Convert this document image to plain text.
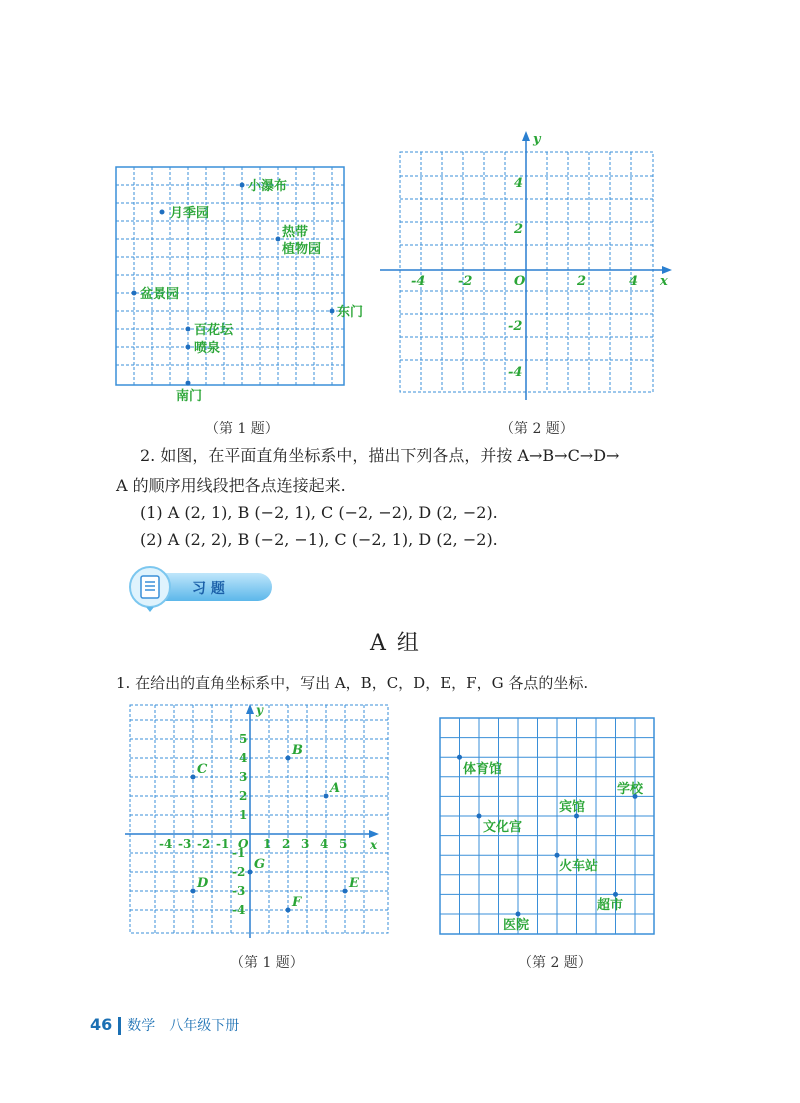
小瀑布
月季园
热带
植物园
盆景园
东门
百花坛
喷泉
南门
（第 1 题）
x
y
-4	-2	O	2	4
4
2
-2
-4
（第 2 题）
2. 如图，在平面直角坐标系中，描出下列各点，并按 A→B→C→D→
A 的顺序用线段把各点连接起来.
(1) A (2, 1), B (−2, 1), C (−2, −2), D (2, −2).
(2) A (2, 2), B (−2, −1), C (−2, 1), D (2, −2).
习 题
A 组
1. 在给出的直角坐标系中，写出 A，B，C，D，E，F，G 各点的坐标.
x
y
-4 -3 -2 -1 O 1 2 3 4 5
5
4
3
2
1
-1
-2
-3
-4
A
B
C
D	E
F
G
（第 1 题）
体育馆
学校
宾馆
文化宫
火车站
超市
医院
（第 2 题）
46 数学　八年级下册
